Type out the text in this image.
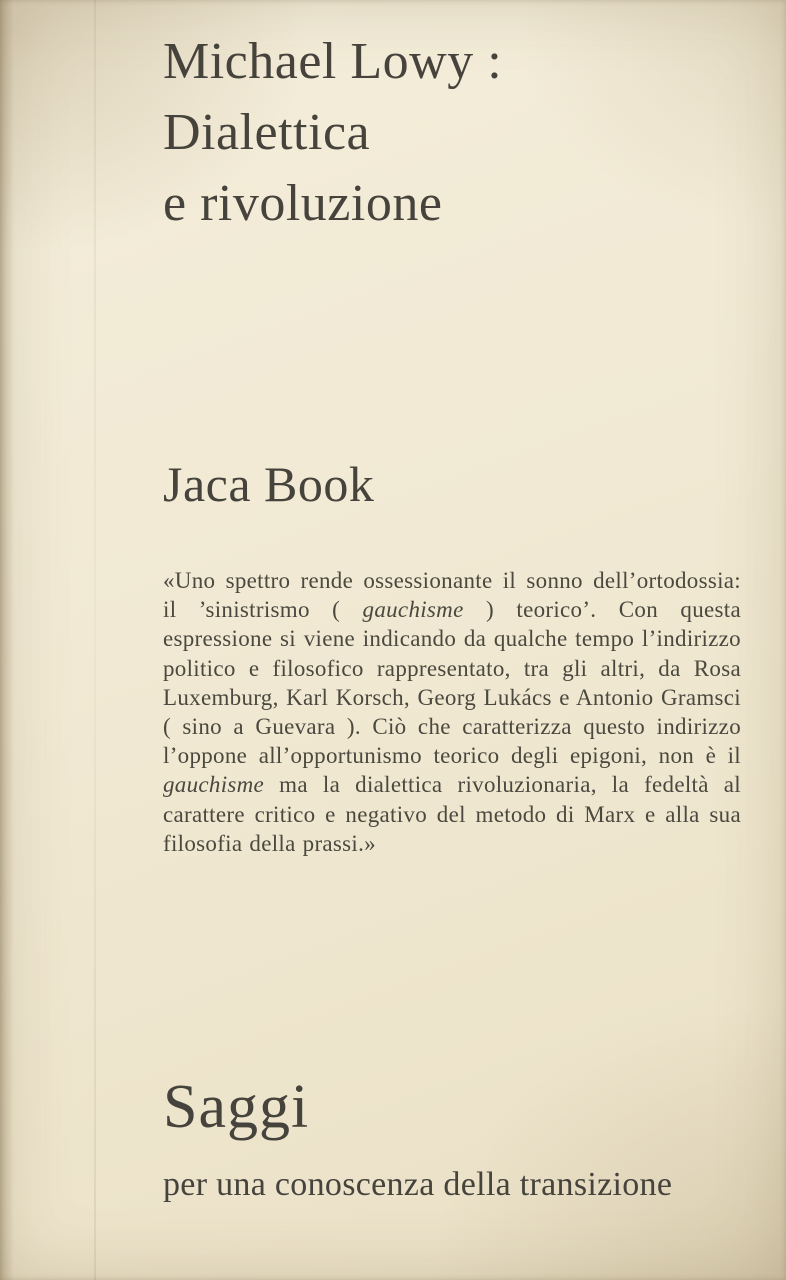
Michael Lowy :
Dialettica
e rivoluzione
Jaca Book
«Uno spettro rende ossessionante il sonno dell’ortodossia: il ’sinistrismo ( gauchisme ) teorico’. Con questa espressione si viene indicando da qualche tempo l’indirizzo politico e filosofico rappresentato, tra gli altri, da Rosa Luxemburg, Karl Korsch, Georg Lukács e Antonio Gramsci ( sino a Guevara ). Ciò che caratterizza questo indirizzo l’oppone all’opportunismo teorico degli epigoni, non è il gauchisme ma la dialettica rivoluzionaria, la fedeltà al carattere critico e negativo del metodo di Marx e alla sua filosofia della prassi.»
Saggi
per una conoscenza della transizione
